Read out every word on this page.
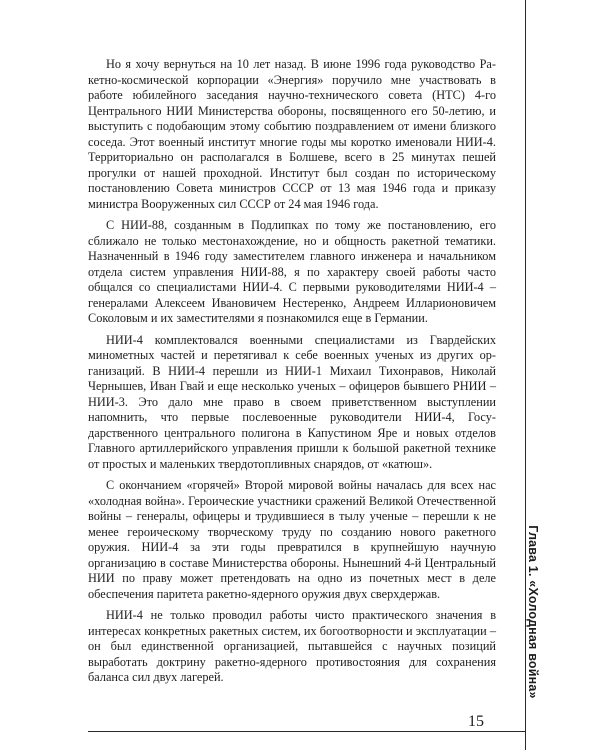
Но я хочу вернуться на 10 лет назад. В июне 1996 года руководство Ракетно-космической корпорации «Энергия» поручило мне участвовать в работе юбилейного заседания научно-технического совета (НТС) 4-го Центрального НИИ Министерства обороны, посвященного его 50-летию, и выступить с подобающим этому событию поздравлением от имени близкого соседа. Этот военный институт многие годы мы коротко именовали НИИ-4. Территориально он располагался в Болшеве, всего в 25 минутах пешей прогулки от нашей проходной. Институт был создан по историческому постановлению Совета министров СССР от 13 мая 1946 года и приказу министра Вооруженных сил СССР от 24 мая 1946 года.

С НИИ-88, созданным в Подлипках по тому же постановлению, его сближало не только местонахождение, но и общность ракетной тематики. Назначенный в 1946 году заместителем главного инженера и начальником отдела систем управления НИИ-88, я по характеру своей работы часто общался со специалистами НИИ-4. С первыми руководителями НИИ-4 – генералами Алексеем Ивановичем Нестеренко, Андреем Илларионовичем Соколовым и их заместителями я познакомился еще в Германии.

НИИ-4 комплектовался военными специалистами из Гвардейских минометных частей и перетягивал к себе военных ученых из других организаций. В НИИ-4 перешли из НИИ-1 Михаил Тихонравов, Николай Чернышев, Иван Гвай и еще несколько ученых – офицеров бывшего РНИИ – НИИ-3. Это дало мне право в своем приветственном выступлении напомнить, что первые послевоенные руководители НИИ-4, Государственного центрального полигона в Капустином Яре и новых отделов Главного артиллерийского управления пришли к большой ракетной технике от простых и маленьких твердотопливных снарядов, от «катюш».

С окончанием «горячей» Второй мировой войны началась для всех нас «холодная война». Героические участники сражений Великой Отечественной войны – генералы, офицеры и трудившиеся в тылу ученые – перешли к не менее героическому творческому труду по созданию нового ракетного оружия. НИИ-4 за эти годы превратился в крупнейшую научную организацию в составе Министерства обороны. Нынешний 4-й Центральный НИИ по праву может претендовать на одно из почетных мест в деле обеспечения паритета ракетно-ядерного оружия двух сверхдержав.

НИИ-4 не только проводил работы чисто практического значения в интересах конкретных ракетных систем, их богоотворности и эксплуатации – он был единственной организацией, пытавшейся с научных позиций выработать доктрину ракетно-ядерного противостояния для сохранения баланса сил двух лагерей.	Глава 1. «Холодная война»
15
